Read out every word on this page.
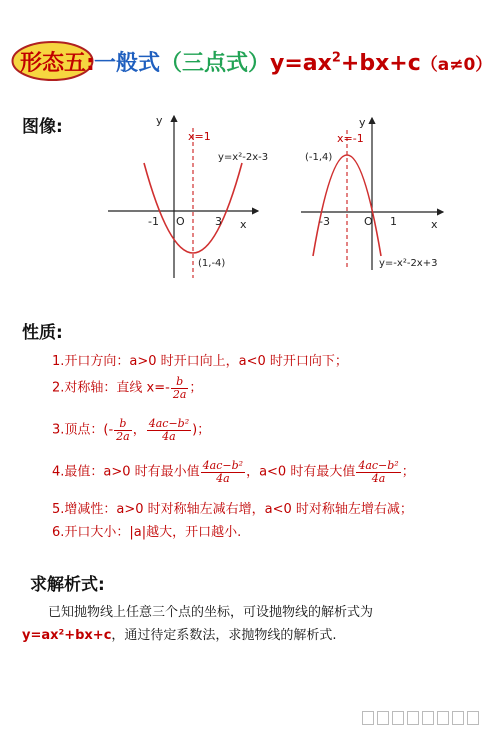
形态五: 一般式（三点式）$y=ax^2+bx+c(a\ne 0)$
图像:	y
x
x=1
y=x²-2x-3
O
-1	3
(1,-4)
y
x
x=-1
(-1,4)
O
-3	1
y=-x²-2x+3
性质:
1.开口方向：a>0 时开口向上，a<0 时开口向下；
2.对称轴：直线 $x=- \frac{b}{2a}$ ；
3.顶点：(- $\frac{b}{2a}$ ， $\frac{\text{4ac−b²}}{4a}$ )；
4.最值：a>0 时有最小值 $\frac{\text{4ac−b²}}{4a}$ ，a<0 时有最大值 $\frac{\text{4ac−b²}}{4a}$ ；
5.增减性：a>0 时对称轴左减右增，a<0 时对称轴左增右减；
6.开口大小：|a|越大，开口越小.
求解析式:
已知抛物线上任意三个点的坐标，可设抛物线的解析式为
y=ax²+bx+c，通过待定系数法，求抛物线的解析式.
